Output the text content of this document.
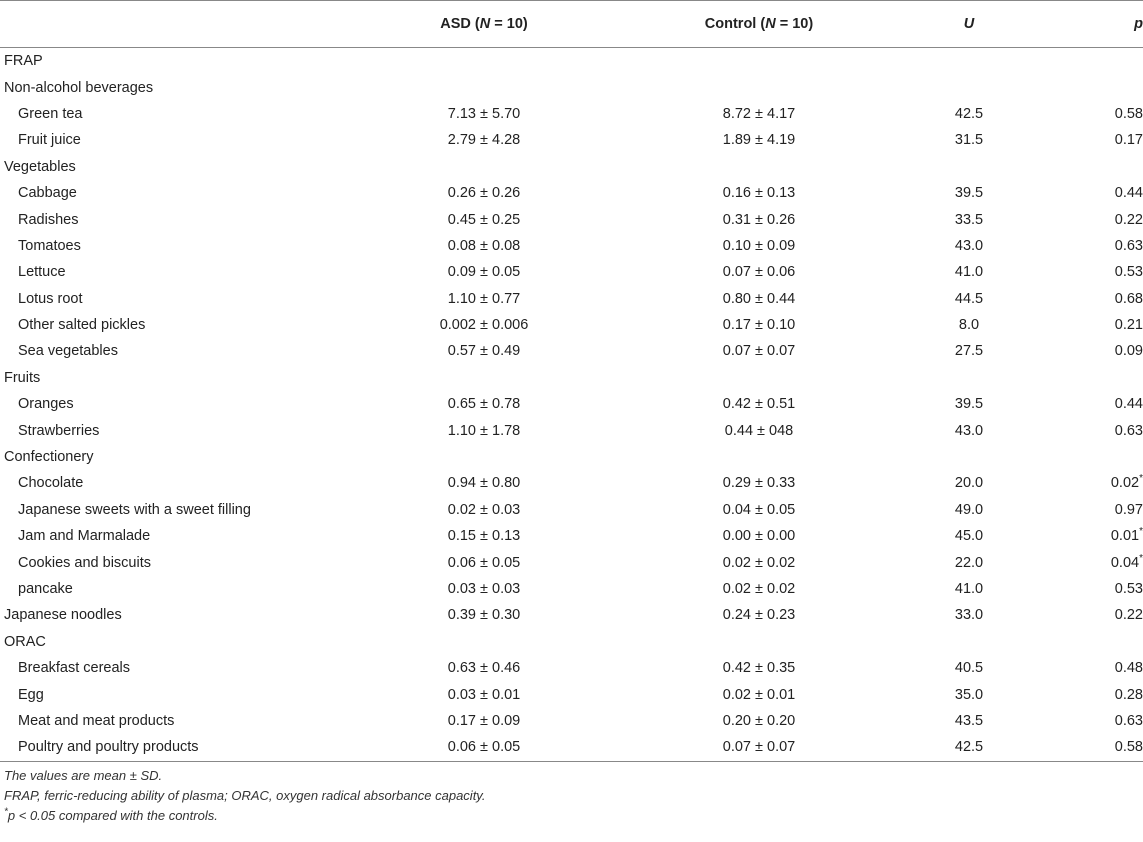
	ASD (N = 10)	Control (N = 10)	U	p
FRAP				
Non-alcohol beverages				
Green tea	7.13 ± 5.70	8.72 ± 4.17	42.5	0.58
Fruit juice	2.79 ± 4.28	1.89 ± 4.19	31.5	0.17
Vegetables				
Cabbage	0.26 ± 0.26	0.16 ± 0.13	39.5	0.44
Radishes	0.45 ± 0.25	0.31 ± 0.26	33.5	0.22
Tomatoes	0.08 ± 0.08	0.10 ± 0.09	43.0	0.63
Lettuce	0.09 ± 0.05	0.07 ± 0.06	41.0	0.53
Lotus root	1.10 ± 0.77	0.80 ± 0.44	44.5	0.68
Other salted pickles	0.002 ± 0.006	0.17 ± 0.10	8.0	0.21
Sea vegetables	0.57 ± 0.49	0.07 ± 0.07	27.5	0.09
Fruits				
Oranges	0.65 ± 0.78	0.42 ± 0.51	39.5	0.44
Strawberries	1.10 ± 1.78	0.44 ± 048	43.0	0.63
Confectionery				
Chocolate	0.94 ± 0.80	0.29 ± 0.33	20.0	0.02*
Japanese sweets with a sweet filling	0.02 ± 0.03	0.04 ± 0.05	49.0	0.97
Jam and Marmalade	0.15 ± 0.13	0.00 ± 0.00	45.0	0.01*
Cookies and biscuits	0.06 ± 0.05	0.02 ± 0.02	22.0	0.04*
pancake	0.03 ± 0.03	0.02 ± 0.02	41.0	0.53
Japanese noodles	0.39 ± 0.30	0.24 ± 0.23	33.0	0.22
ORAC				
Breakfast cereals	0.63 ± 0.46	0.42 ± 0.35	40.5	0.48
Egg	0.03 ± 0.01	0.02 ± 0.01	35.0	0.28
Meat and meat products	0.17 ± 0.09	0.20 ± 0.20	43.5	0.63
Poultry and poultry products	0.06 ± 0.05	0.07 ± 0.07	42.5	0.58
The values are mean ± SD.
FRAP, ferric-reducing ability of plasma; ORAC, oxygen radical absorbance capacity.
*p < 0.05 compared with the controls.
